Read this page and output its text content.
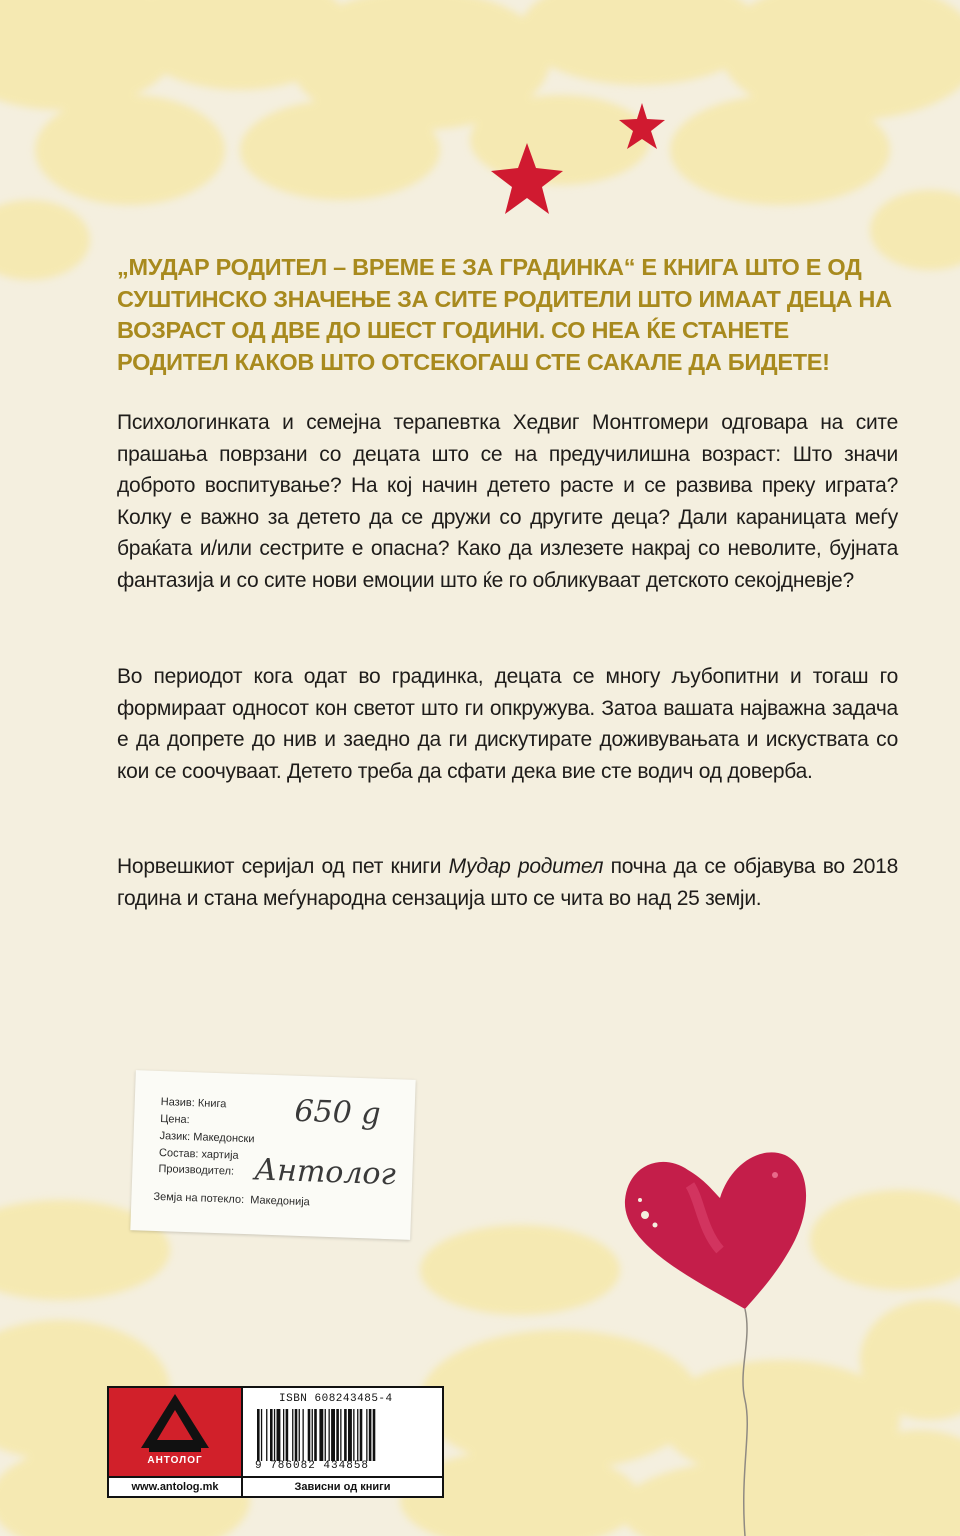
„МУДАР РОДИТЕЛ – ВРЕМЕ Е ЗА ГРАДИНКА“ Е КНИГА ШТО Е ОД СУШТИНСКО ЗНАЧЕЊЕ ЗА СИТЕ РОДИТЕЛИ ШТО ИМААТ ДЕЦА НА ВОЗРАСТ ОД ДВЕ ДО ШЕСТ ГОДИНИ. СО НЕА ЌЕ СТАНЕТЕ РОДИТЕЛ КАКОВ ШТО ОТСЕКОГАШ СТЕ САКАЛЕ ДА БИДЕТЕ!

Психологинката и семејна терапевтка Хедвиг Монтгомери одговара на сите прашања поврзани со децата што се на предучилишна возраст: Што значи доброто воспитување? На кој начин детето расте и се развива преку играта? Колку е важно за детето да се дружи со другите деца? Дали караницата меѓу браќата и/или сестрите е опасна? Како да излезете накрај со неволите, бујната фантазија и со сите нови емоции што ќе го обликуваат детското секојдневје?

Во периодот кога одат во градинка, децата се многу љубопитни и тогаш го формираат односот кон светот што ги опкружува. Затоа вашата најважна задача е да допрете до нив и заедно да ги дискутирате доживувањата и искуствата со кои се соочуваат. Детето треба да сфати дека вие сте водич од доверба.

Норвешкиот серијал од пет книги Мудар родител почна да се објавува во 2018 година и стана меѓународна сензација што се чита во над 25 земји.

Назив: Книга
Цена:
Јазик: Македонски
Состав: хартија
Производител:
Земја на потекло: Македонија
650 g
Антолог
АНТОЛОГ
www.antolog.mk
ISBN 608243485-4
9 786082 434858
Зависни од книги
